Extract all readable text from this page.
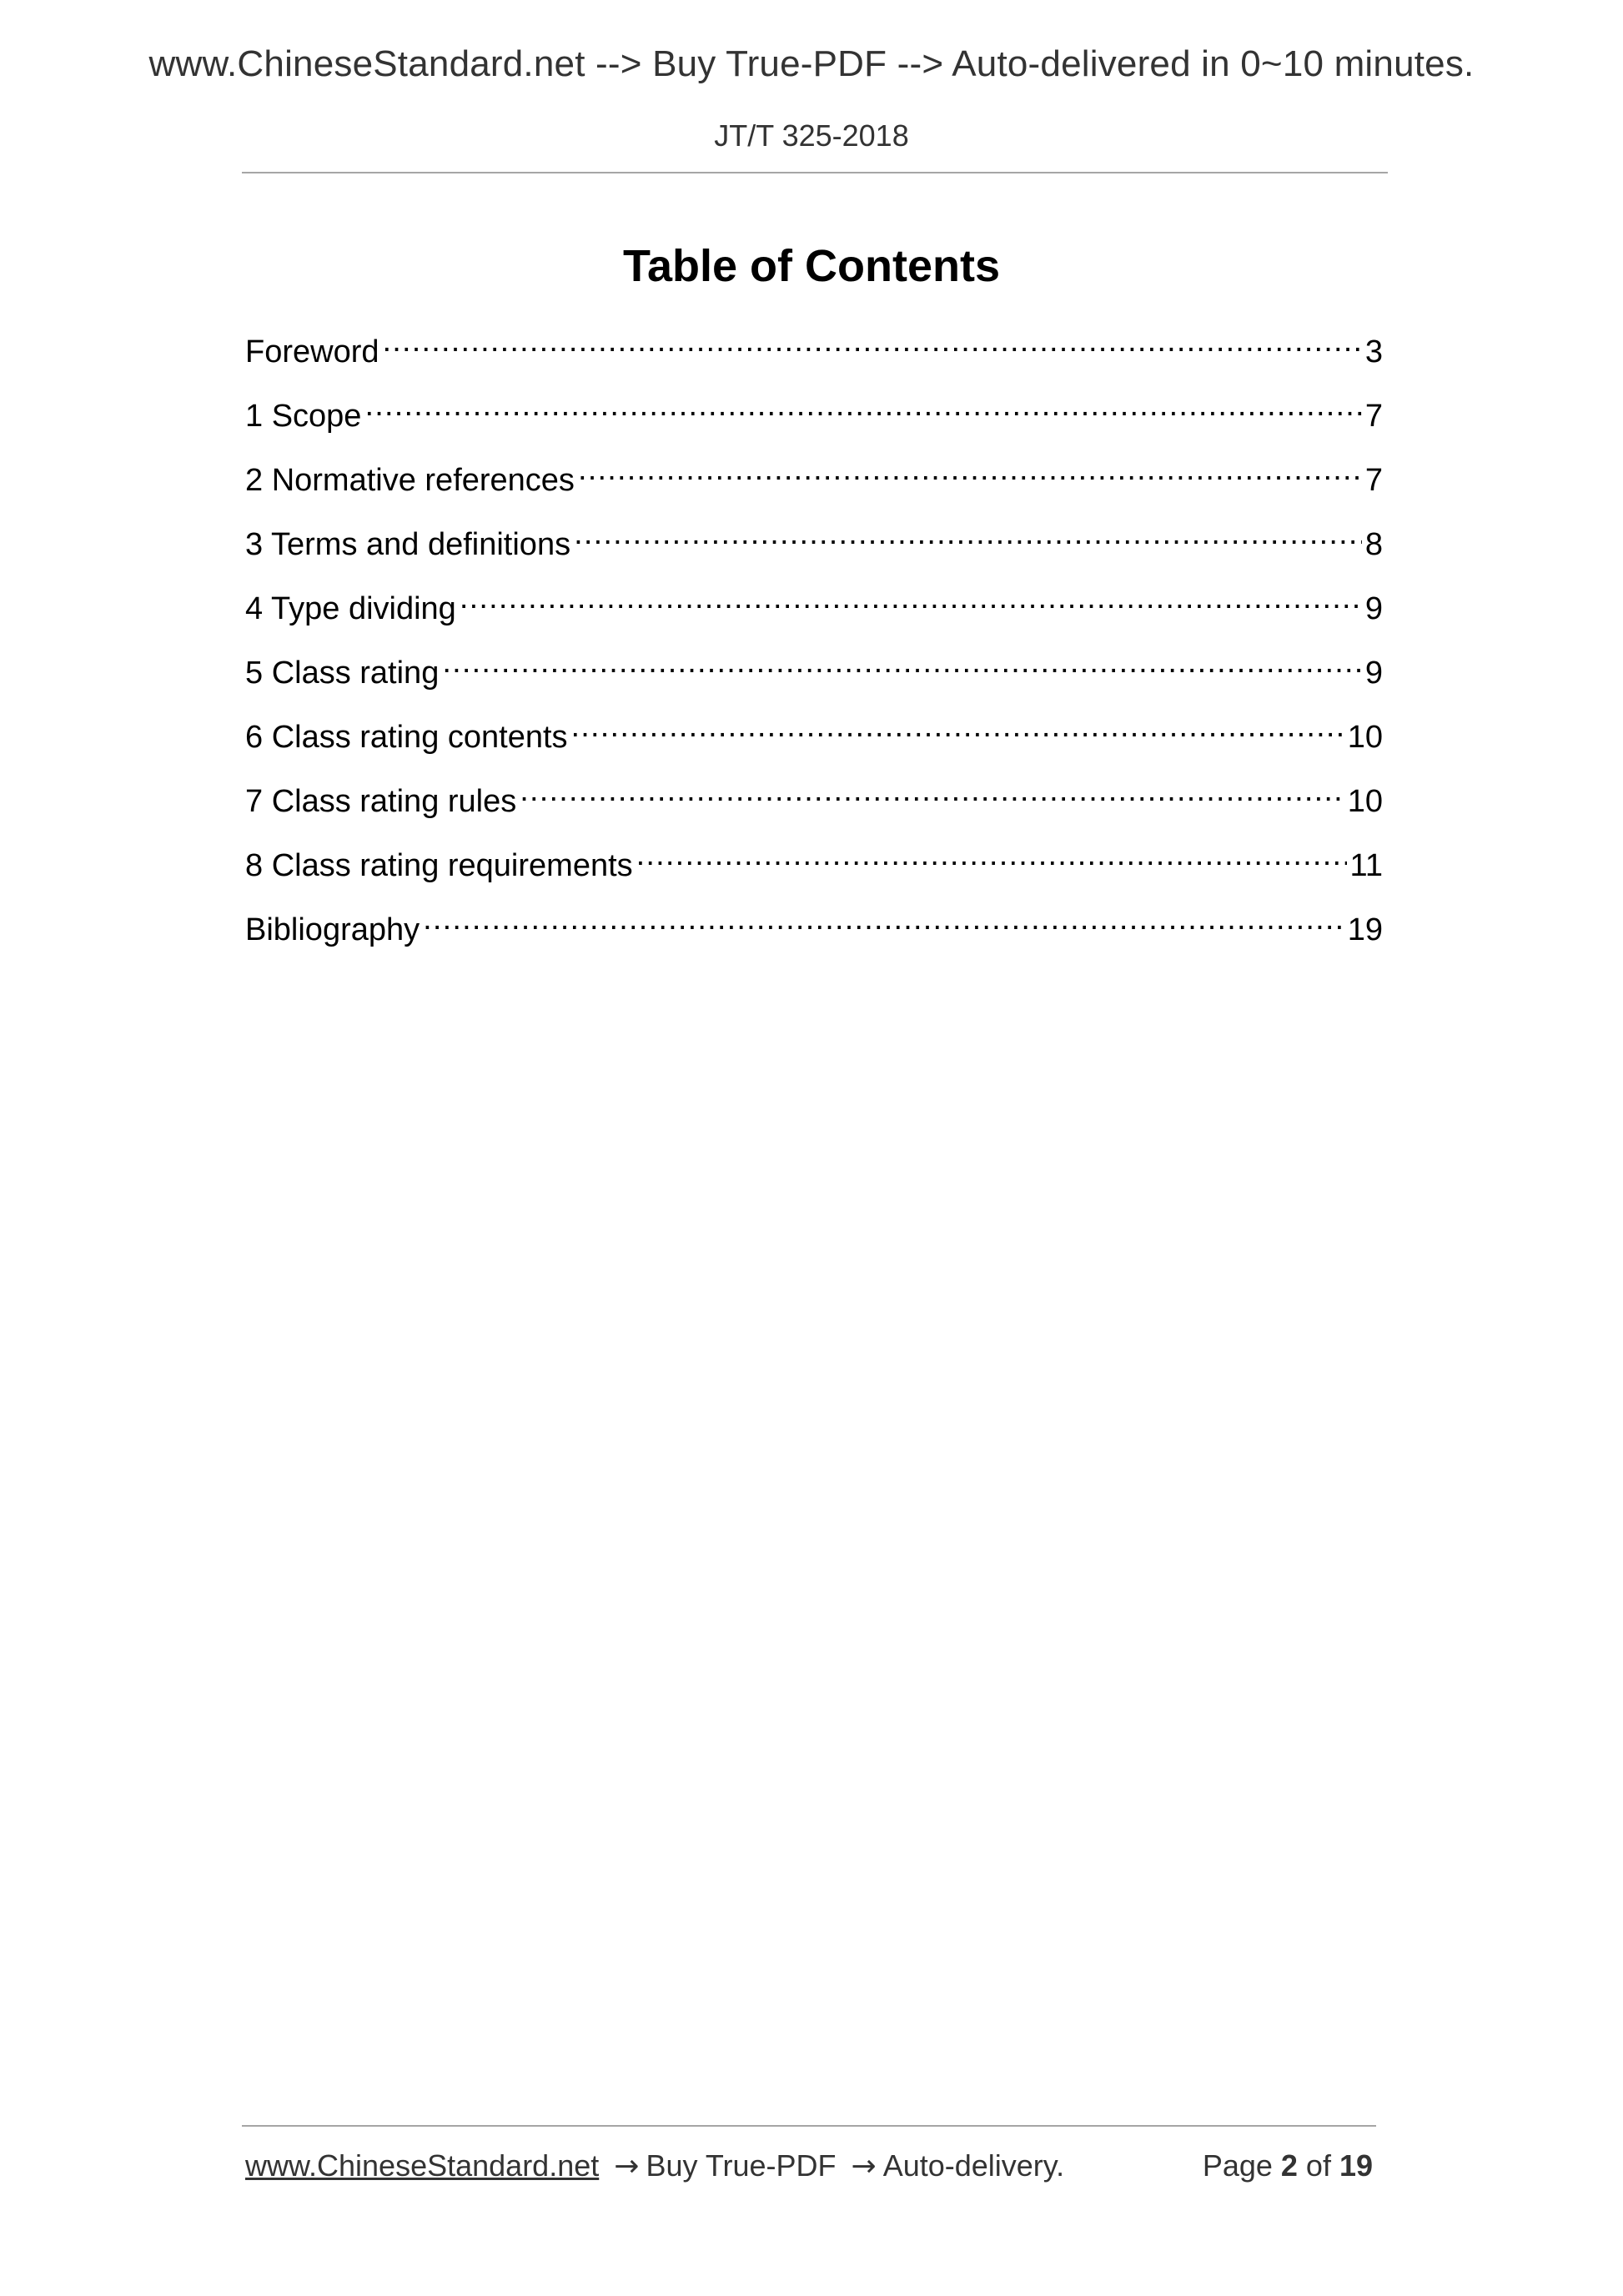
www.ChineseStandard.net --> Buy True-PDF --> Auto-delivered in 0~10 minutes.
JT/T 325-2018
Table of Contents
Foreword .....	3
1 Scope .....	7
2 Normative references .....	7
3 Terms and definitions .....	8
4 Type dividing .....	9
5 Class rating .....	9
6 Class rating contents .....	10
7 Class rating rules .....	10
8 Class rating requirements .....	11
Bibliography .....	19
www.ChineseStandard.net → Buy True-PDF → Auto-delivery.	Page 2 of 19
